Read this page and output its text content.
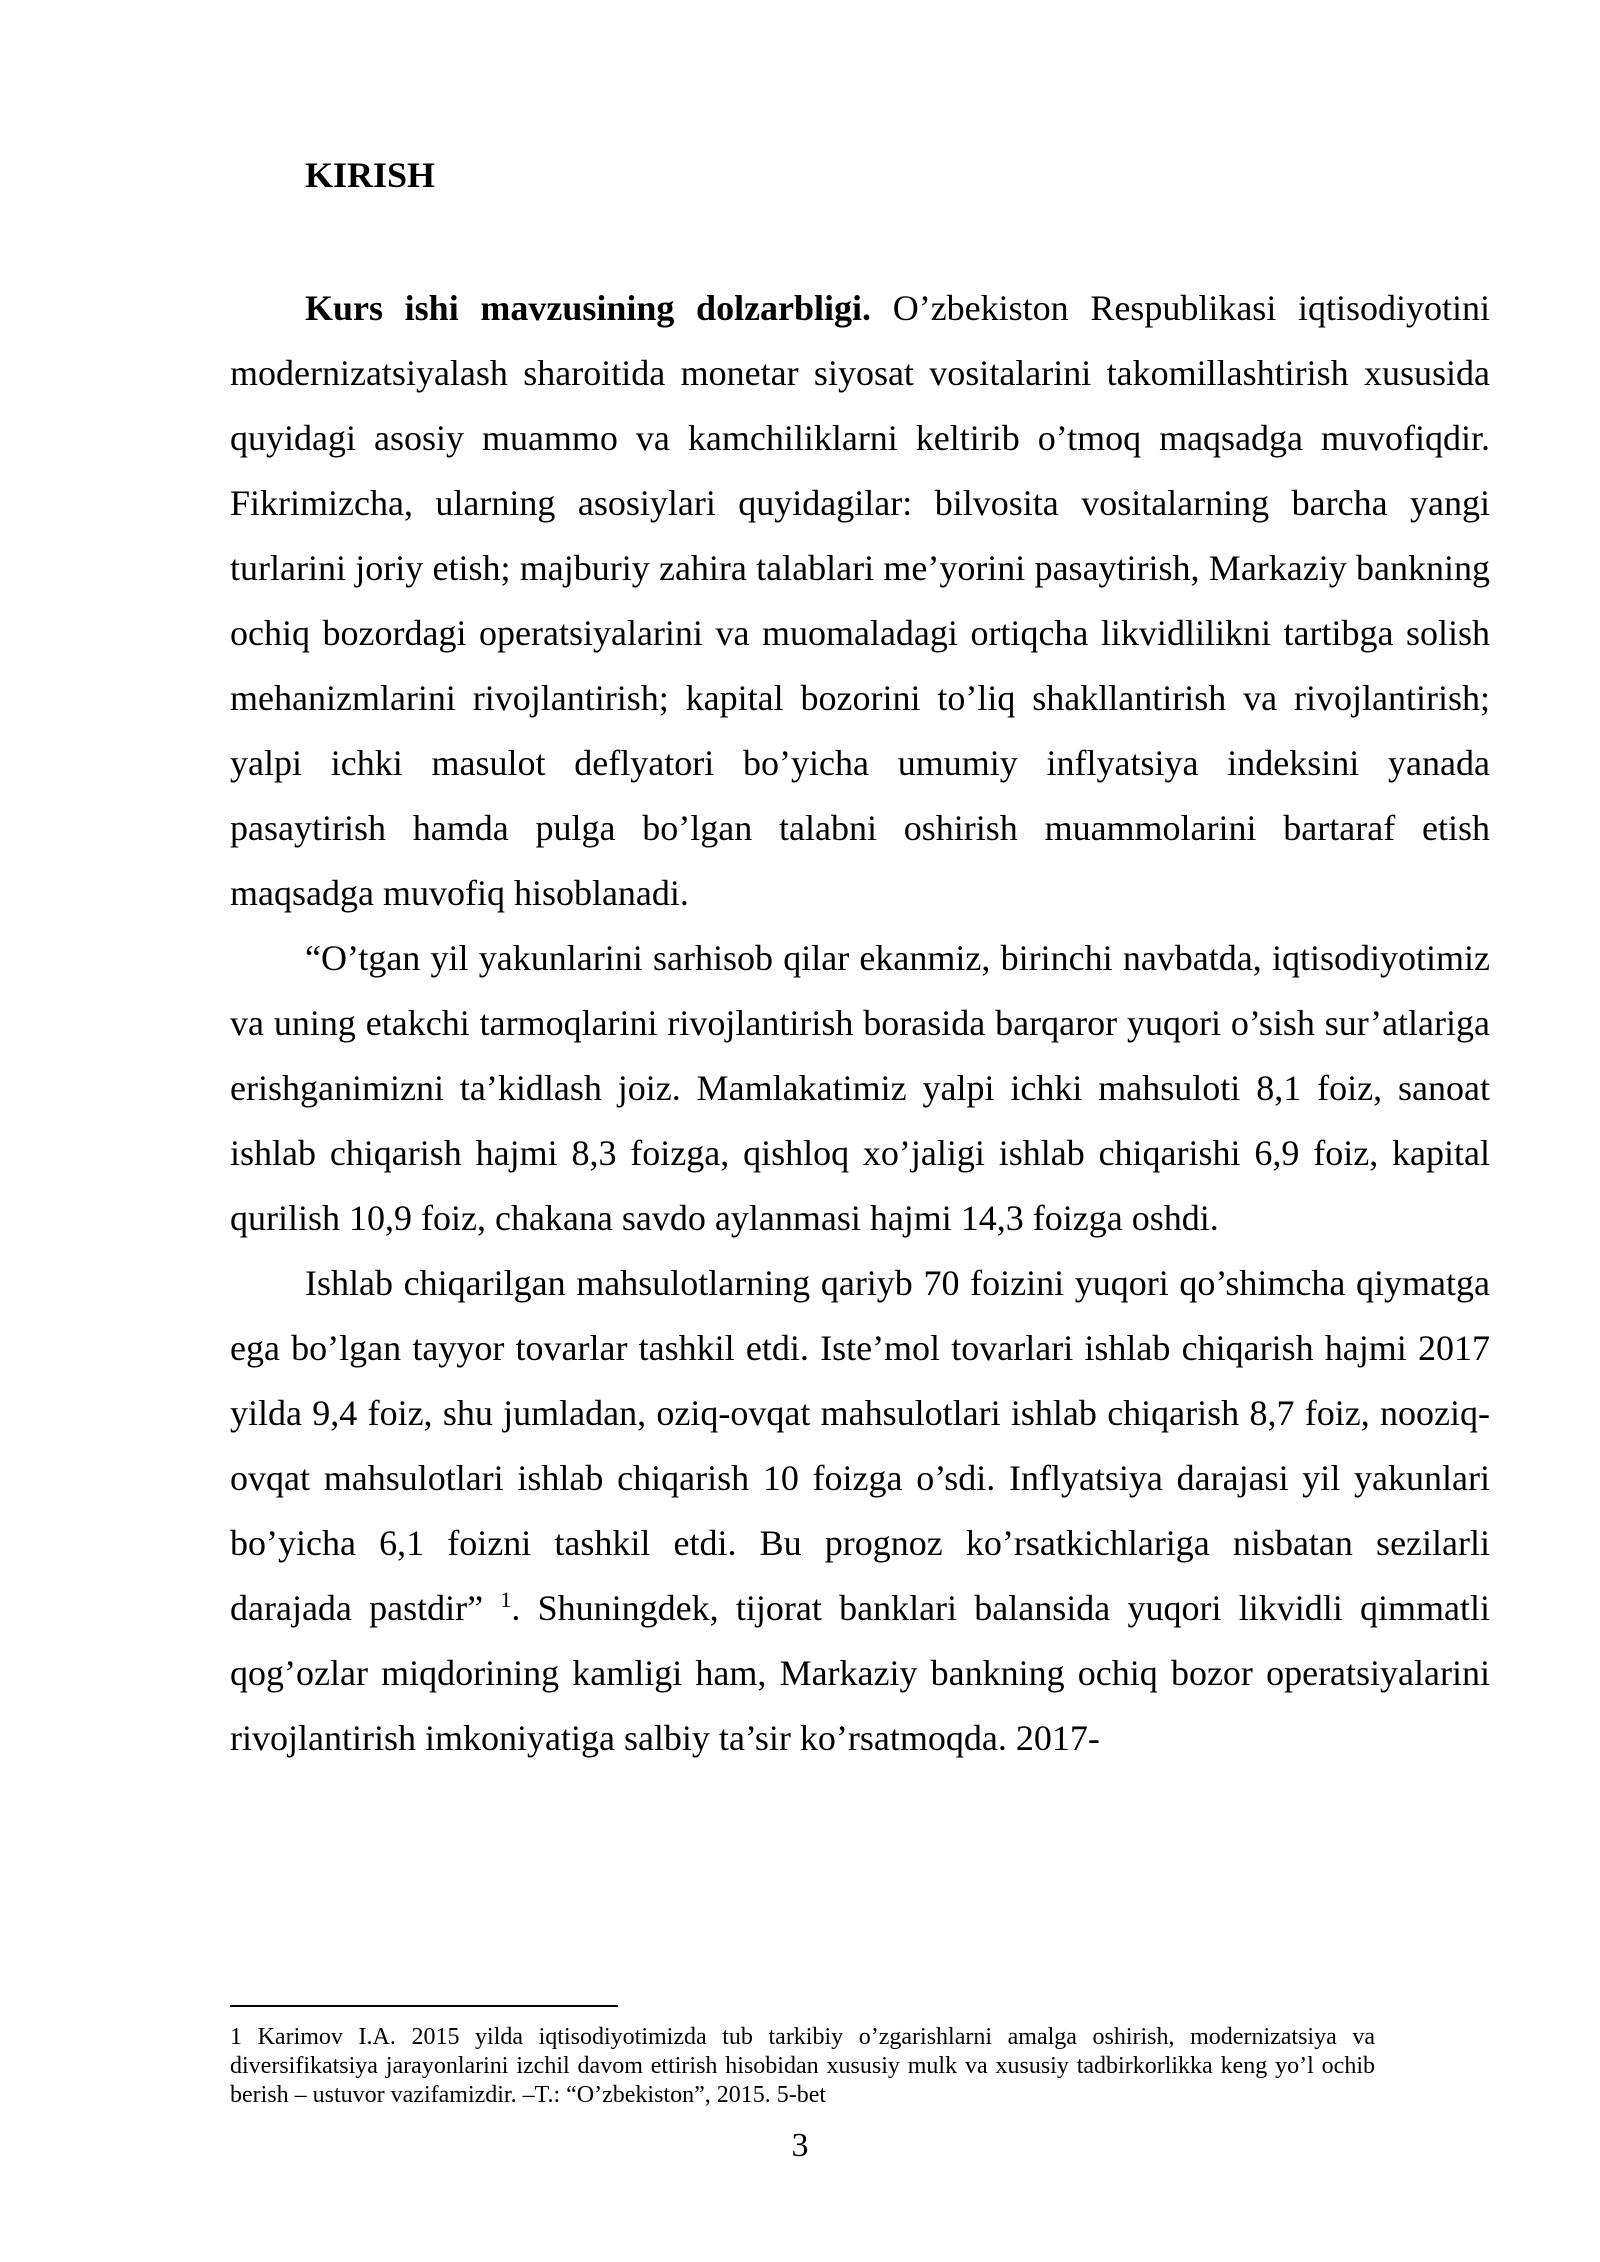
KIRISH

Kurs ishi mavzusining dolzarbligi. O’zbekiston Respublikasi iqtisodiyotini modernizatsiyalash sharoitida monetar siyosat vositalarini takomillashtirish xususida quyidagi asosiy muammo va kamchiliklarni keltirib o’tmoq maqsadga muvofiqdir. Fikrimizcha, ularning asosiylari quyidagilar: bilvosita vositalarning barcha yangi turlarini joriy etish; majburiy zahira talablari me’yorini pasaytirish, Markaziy bankning ochiq bozordagi operatsiyalarini va muomaladagi ortiqcha likvidlilikni tartibga solish mehanizmlarini rivojlantirish; kapital bozorini to’liq shakllantirish va rivojlantirish; yalpi ichki masulot deflyatori bo’yicha umumiy inflyatsiya indeksini yanada pasaytirish hamda pulga bo’lgan talabni oshirish muammolarini bartaraf etish maqsadga muvofiq hisoblanadi.

“O’tgan yil yakunlarini sarhisob qilar ekanmiz, birinchi navbatda, iqtisodiyotimiz va uning etakchi tarmoqlarini rivojlantirish borasida barqaror yuqori o’sish sur’atlariga erishganimizni ta’kidlash joiz. Mamlakatimiz yalpi ichki mahsuloti 8,1 foiz, sanoat ishlab chiqarish hajmi 8,3 foizga, qishloq xo’jaligi ishlab chiqarishi 6,9 foiz, kapital qurilish 10,9 foiz, chakana savdo aylanmasi hajmi 14,3 foizga oshdi.

Ishlab chiqarilgan mahsulotlarning qariyb 70 foizini yuqori qo’shimcha qiymatga ega bo’lgan tayyor tovarlar tashkil etdi. Iste’mol tovarlari ishlab chiqarish hajmi 2017 yilda 9,4 foiz, shu jumladan, oziq-ovqat mahsulotlari ishlab chiqarish 8,7 foiz, nooziq-ovqat mahsulotlari ishlab chiqarish 10 foizga o’sdi. Inflyatsiya darajasi yil yakunlari bo’yicha 6,1 foizni tashkil etdi. Bu prognoz ko’rsatkichlariga nisbatan sezilarli darajada pastdir” $^1$. Shuningdek, tijorat banklari balansida yuqori likvidli qimmatli qog’ozlar miqdorining kamligi ham, Markaziy bankning ochiq bozor operatsiyalarini rivojlantirish imkoniyatiga salbiy ta’sir ko’rsatmoqda. 2017-

1 Karimov I.A. 2015 yilda iqtisodiyotimizda tub tarkibiy o’zgarishlarni amalga oshirish, modernizatsiya va diversifikatsiya jarayonlarini izchil davom ettirish hisobidan xususiy mulk va xususiy tadbirkorlikka keng yo’l ochib berish – ustuvor vazifamizdir. –T.: “O’zbekiston”, 2015. 5-bet

3
